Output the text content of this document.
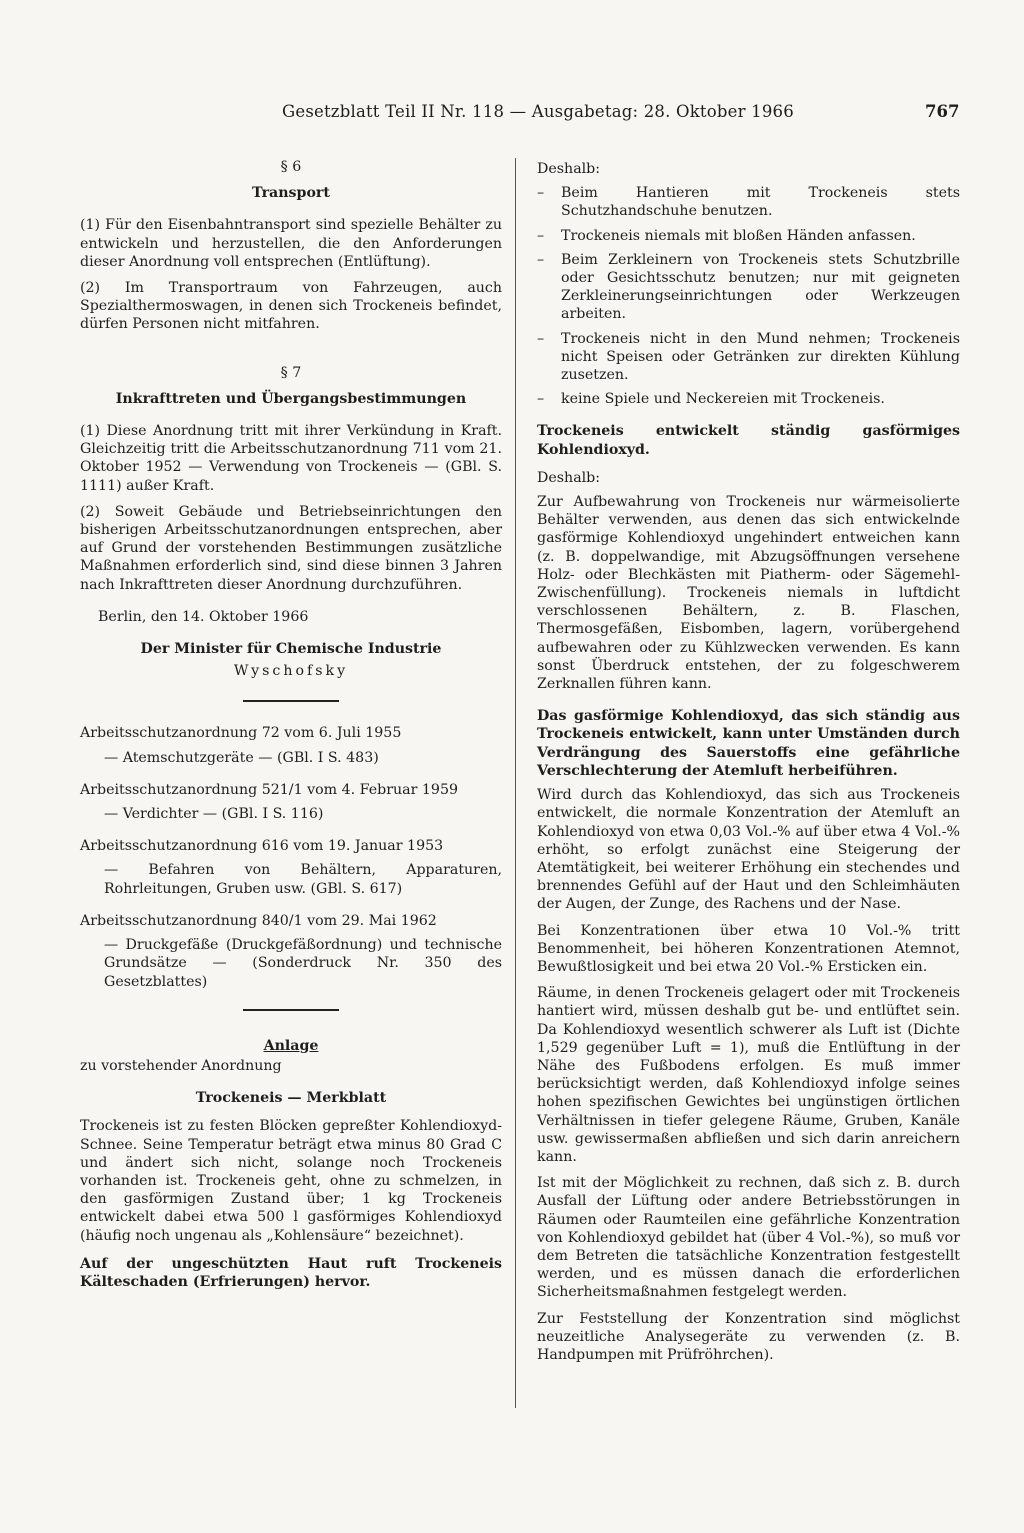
Gesetzblatt Teil II Nr. 118 — Ausgabetag: 28. Oktober 1966	767

§ 6

Transport

(1) Für den Eisenbahntransport sind spezielle Behälter zu entwickeln und herzustellen, die den Anforderungen dieser Anordnung voll entsprechen (Entlüftung).

(2) Im Transportraum von Fahrzeugen, auch Spezialthermoswagen, in denen sich Trockeneis befindet, dürfen Personen nicht mitfahren.

§ 7

Inkrafttreten und Übergangsbestimmungen

(1) Diese Anordnung tritt mit ihrer Verkündung in Kraft. Gleichzeitig tritt die Arbeitsschutzanordnung 711 vom 21. Oktober 1952 — Verwendung von Trockeneis — (GBl. S. 1111) außer Kraft.

(2) Soweit Gebäude und Betriebseinrichtungen den bisherigen Arbeitsschutzanordnungen entsprechen, aber auf Grund der vorstehenden Bestimmungen zusätzliche Maßnahmen erforderlich sind, sind diese binnen 3 Jahren nach Inkrafttreten dieser Anordnung durchzuführen.

Berlin, den 14. Oktober 1966

Der Minister für Chemische Industrie

Wyschofsky

Arbeitsschutzanordnung 72 vom 6. Juli 1955

— Atemschutzgeräte — (GBl. I S. 483)

Arbeitsschutzanordnung 521/1 vom 4. Februar 1959

— Verdichter — (GBl. I S. 116)

Arbeitsschutzanordnung 616 vom 19. Januar 1953

— Befahren von Behältern, Apparaturen, Rohrleitungen, Gruben usw. (GBl. S. 617)

Arbeitsschutzanordnung 840/1 vom 29. Mai 1962

— Druckgefäße (Druckgefäßordnung) und technische Grundsätze — (Sonderdruck Nr. 350 des Gesetzblattes)

Anlage

zu vorstehender Anordnung

Trockeneis — Merkblatt

Trockeneis ist zu festen Blöcken gepreßter Kohlendioxyd-Schnee. Seine Temperatur beträgt etwa minus 80 Grad C und ändert sich nicht, solange noch Trockeneis vorhanden ist. Trockeneis geht, ohne zu schmelzen, in den gasförmigen Zustand über; 1 kg Trockeneis entwickelt dabei etwa 500 l gasförmiges Kohlendioxyd (häufig noch ungenau als „Kohlensäure“ bezeichnet).

Auf der ungeschützten Haut ruft Trockeneis Kälteschaden (Erfrierungen) hervor.

Deshalb:

–	Beim Hantieren mit Trockeneis stets Schutzhandschuhe benutzen.
–	Trockeneis niemals mit bloßen Händen anfassen.
–	Beim Zerkleinern von Trockeneis stets Schutzbrille oder Gesichtsschutz benutzen; nur mit geigneten Zerkleinerungseinrichtungen oder Werkzeugen arbeiten.
–	Trockeneis nicht in den Mund nehmen; Trockeneis nicht Speisen oder Getränken zur direkten Kühlung zusetzen.
–	keine Spiele und Neckereien mit Trockeneis.

Trockeneis entwickelt ständig gasförmiges Kohlendioxyd.

Deshalb:

Zur Aufbewahrung von Trockeneis nur wärmeisolierte Behälter verwenden, aus denen das sich entwickelnde gasförmige Kohlendioxyd ungehindert entweichen kann (z. B. doppelwandige, mit Abzugsöffnungen versehene Holz- oder Blechkästen mit Piatherm- oder Sägemehl-Zwischenfüllung). Trockeneis niemals in luftdicht verschlossenen Behältern, z. B. Flaschen, Thermosgefäßen, Eisbomben, lagern, vorübergehend aufbewahren oder zu Kühlzwecken verwenden. Es kann sonst Überdruck entstehen, der zu folgeschwerem Zerknallen führen kann.

Das gasförmige Kohlendioxyd, das sich ständig aus Trockeneis entwickelt, kann unter Umständen durch Verdrängung des Sauerstoffs eine gefährliche Verschlechterung der Atemluft herbeiführen.

Wird durch das Kohlendioxyd, das sich aus Trockeneis entwickelt, die normale Konzentration der Atemluft an Kohlendioxyd von etwa 0,03 Vol.-% auf über etwa 4 Vol.-% erhöht, so erfolgt zunächst eine Steigerung der Atemtätigkeit, bei weiterer Erhöhung ein stechendes und brennendes Gefühl auf der Haut und den Schleimhäuten der Augen, der Zunge, des Rachens und der Nase.

Bei Konzentrationen über etwa 10 Vol.-% tritt Benommenheit, bei höheren Konzentrationen Atemnot, Bewußtlosigkeit und bei etwa 20 Vol.-% Ersticken ein.

Räume, in denen Trockeneis gelagert oder mit Trockeneis hantiert wird, müssen deshalb gut be- und entlüftet sein. Da Kohlendioxyd wesentlich schwerer als Luft ist (Dichte 1,529 gegenüber Luft = 1), muß die Entlüftung in der Nähe des Fußbodens erfolgen. Es muß immer berücksichtigt werden, daß Kohlendioxyd infolge seines hohen spezifischen Gewichtes bei ungünstigen örtlichen Verhältnissen in tiefer gelegene Räume, Gruben, Kanäle usw. gewissermaßen abfließen und sich darin anreichern kann.

Ist mit der Möglichkeit zu rechnen, daß sich z. B. durch Ausfall der Lüftung oder andere Betriebsstörungen in Räumen oder Raumteilen eine gefährliche Konzentration von Kohlendioxyd gebildet hat (über 4 Vol.-%), so muß vor dem Betreten die tatsächliche Konzentration festgestellt werden, und es müssen danach die erforderlichen Sicherheitsmaßnahmen festgelegt werden.

Zur Feststellung der Konzentration sind möglichst neuzeitliche Analysegeräte zu verwenden (z. B. Handpumpen mit Prüfröhrchen).
